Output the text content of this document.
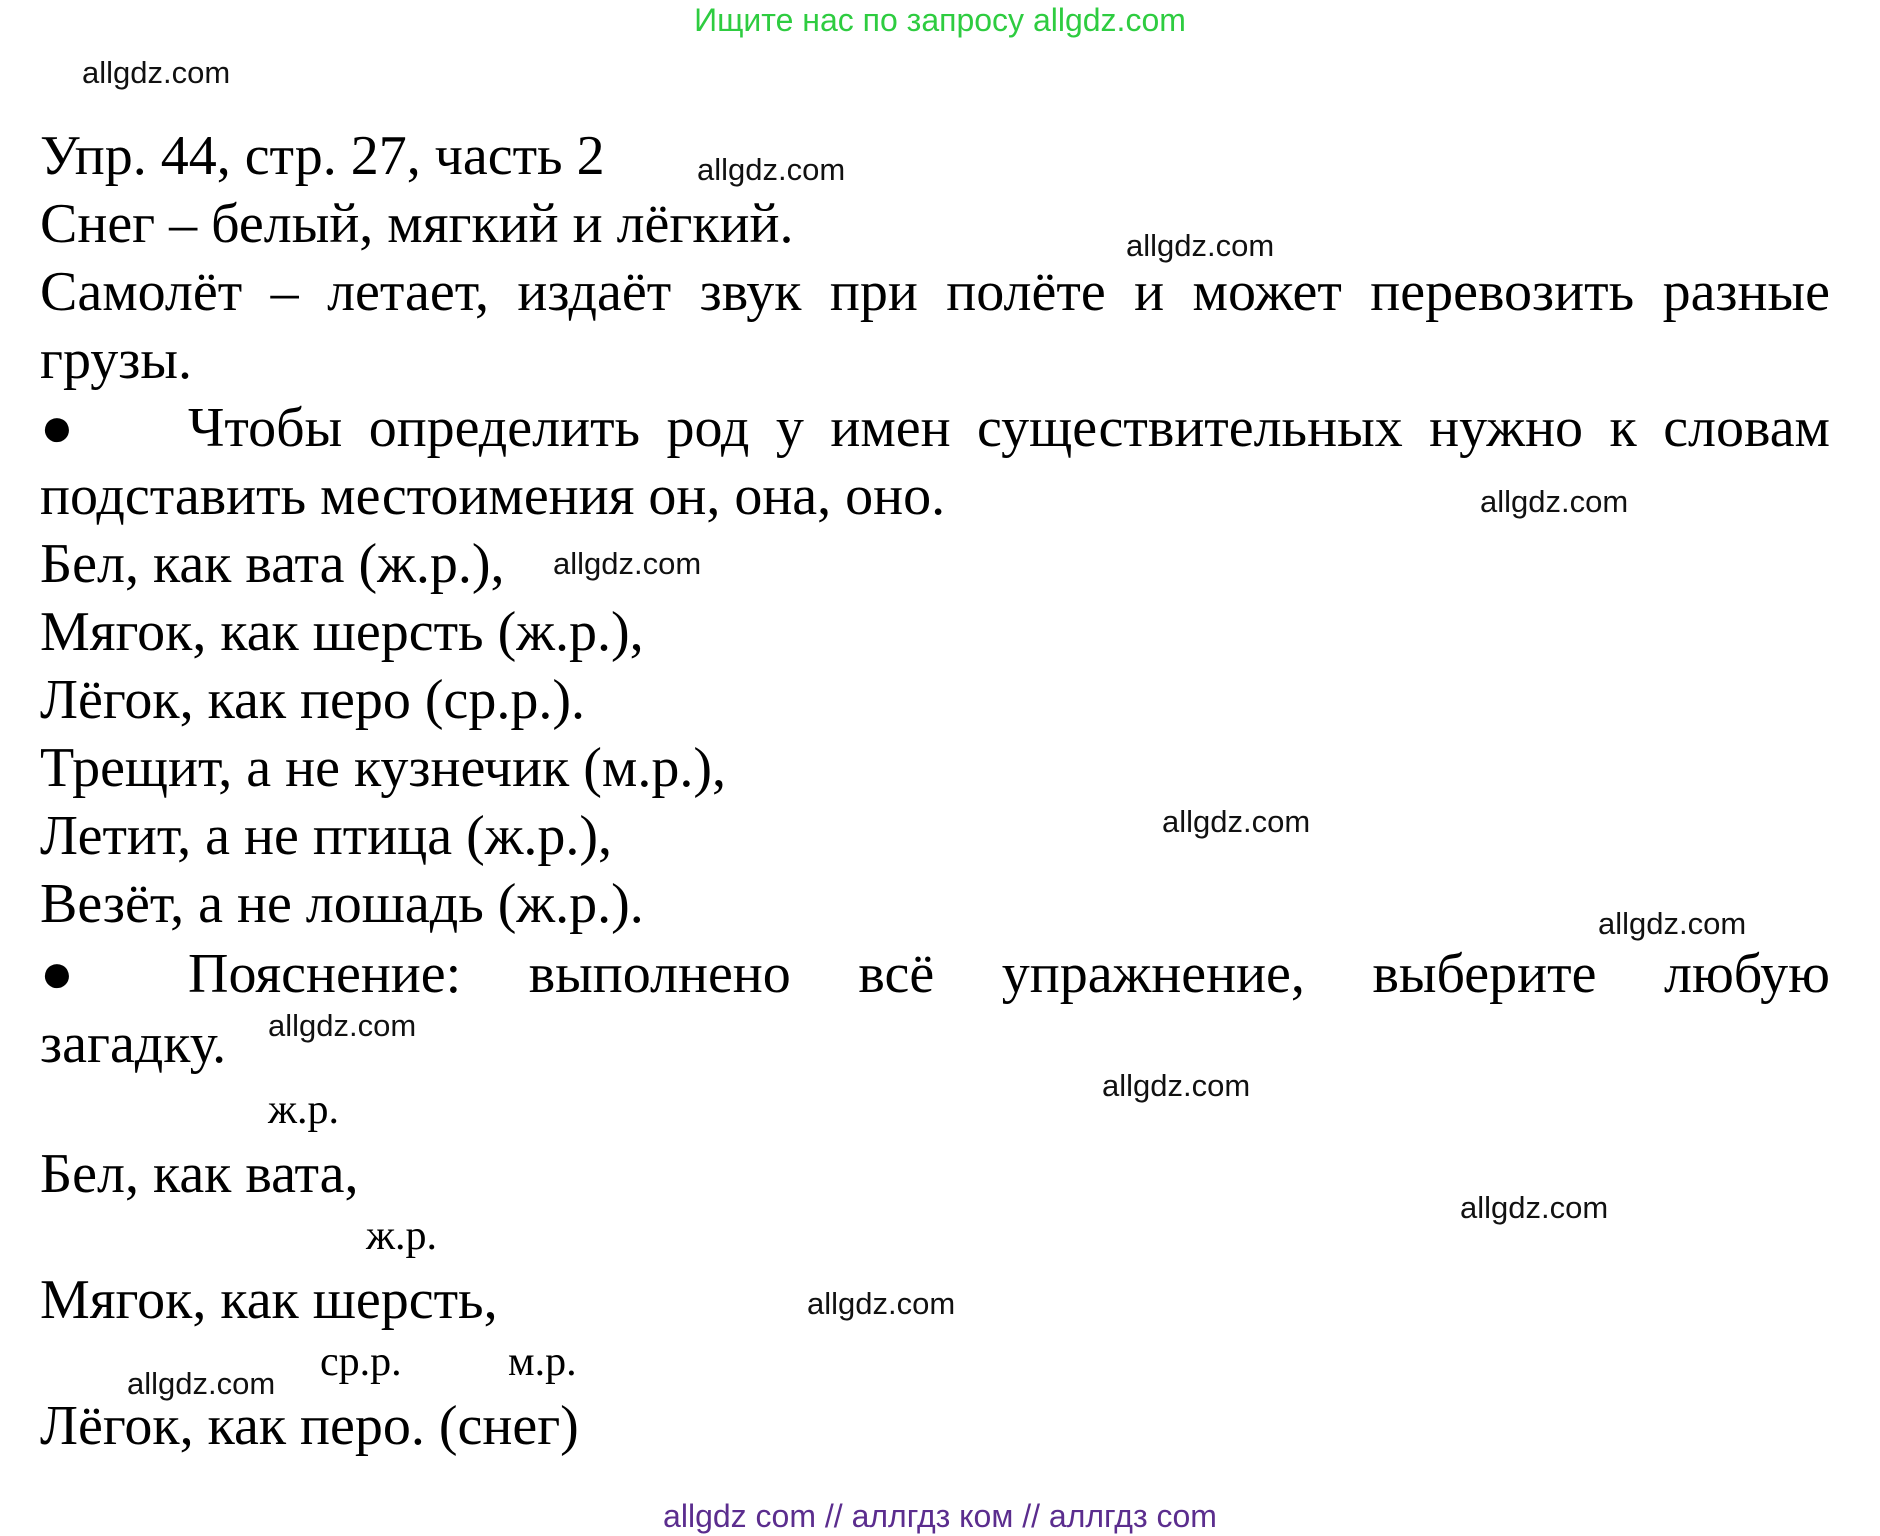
Ищите нас по запросу allgdz.com
allgdz.com
allgdz.com
allgdz.com
allgdz.com
allgdz.com
allgdz.com
allgdz.com
allgdz.com
allgdz.com
allgdz.com
allgdz.com
allgdz.com
Упр. 44, стр. 27, часть 2
Снег – белый, мягкий и лёгкий.
Самолёт – летает, издаёт звук при полёте и может перевозить разные
грузы.
● Чтобы определить род у имен существительных нужно к словам
подставить местоимения он, она, оно.
Бел, как вата (ж.р.),
Мягок, как шерсть (ж.р.),
Лёгок, как перо (ср.р.).
Трещит, а не кузнечик (м.р.),
Летит, а не птица (ж.р.),
Везёт, а не лошадь (ж.р.).
● Пояснение: выполнено всё упражнение, выберите любую
загадку.
ж.р.
Бел, как вата,
ж.р.
Мягок, как шерсть,
ср.р.	м.р.
Лёгок, как перо. (снег)
allgdz com // аллгдз ком // аллгдз com
